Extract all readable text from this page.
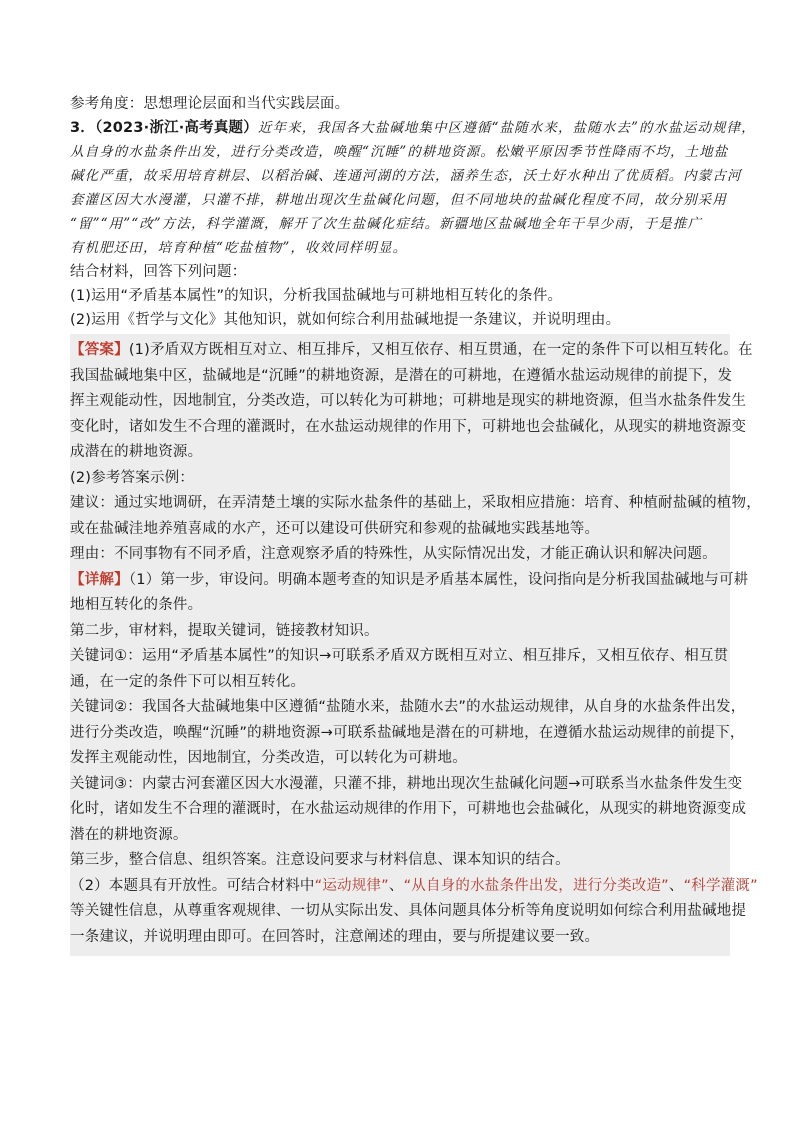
参考角度：思想理论层面和当代实践层面。
3．（2023·浙江·高考真题）近年来，我国各大盐碱地集中区遵循“盐随水来，盐随水去”的水盐运动规律，
从自身的水盐条件出发，进行分类改造，唤醒“沉睡”的耕地资源。松嫩平原因季节性降雨不均，土地盐
碱化严重，故采用培育耕层、以稻治碱、连通河湖的方法，涵养生态，沃土好水种出了优质稻。内蒙古河
套灌区因大水漫灌，只灌不排，耕地出现次生盐碱化问题，但不同地块的盐碱化程度不同，故分别采用
“留”“用”“改”方法，科学灌溉，解开了次生盐碱化症结。新疆地区盐碱地全年干旱少雨，于是推广
有机肥还田，培育种植“吃盐植物”，收效同样明显。
结合材料，回答下列问题：
(1)运用“矛盾基本属性”的知识，分析我国盐碱地与可耕地相互转化的条件。
(2)运用《哲学与文化》其他知识，就如何综合利用盐碱地提一条建议，并说明理由。
【答案】(1)矛盾双方既相互对立、相互排斥，又相互依存、相互贯通，在一定的条件下可以相互转化。在
我国盐碱地集中区，盐碱地是“沉睡”的耕地资源，是潜在的可耕地，在遵循水盐运动规律的前提下，发
挥主观能动性，因地制宜，分类改造，可以转化为可耕地；可耕地是现实的耕地资源，但当水盐条件发生
变化时，诸如发生不合理的灌溉时，在水盐运动规律的作用下，可耕地也会盐碱化，从现实的耕地资源变
成潜在的耕地资源。
(2)参考答案示例：
建议：通过实地调研，在弄清楚土壤的实际水盐条件的基础上，采取相应措施：培育、种植耐盐碱的植物，
或在盐碱洼地养殖喜咸的水产，还可以建设可供研究和参观的盐碱地实践基地等。
理由：不同事物有不同矛盾，注意观察矛盾的特殊性，从实际情况出发，才能正确认识和解决问题。
【详解】（1）第一步，审设问。明确本题考查的知识是矛盾基本属性，设问指向是分析我国盐碱地与可耕
地相互转化的条件。
第二步，审材料，提取关键词，链接教材知识。
关键词①：运用“矛盾基本属性”的知识→可联系矛盾双方既相互对立、相互排斥，又相互依存、相互贯
通，在一定的条件下可以相互转化。
关键词②：我国各大盐碱地集中区遵循“盐随水来，盐随水去”的水盐运动规律，从自身的水盐条件出发，
进行分类改造，唤醒“沉睡”的耕地资源→可联系盐碱地是潜在的可耕地，在遵循水盐运动规律的前提下，
发挥主观能动性，因地制宜，分类改造，可以转化为可耕地。
关键词③：内蒙古河套灌区因大水漫灌，只灌不排，耕地出现次生盐碱化问题→可联系当水盐条件发生变
化时，诸如发生不合理的灌溉时，在水盐运动规律的作用下，可耕地也会盐碱化，从现实的耕地资源变成
潜在的耕地资源。
第三步，整合信息、组织答案。注意设问要求与材料信息、课本知识的结合。
（2）本题具有开放性。可结合材料中“运动规律”、“从自身的水盐条件出发，进行分类改造”、“科学灌溉”
等关键性信息，从尊重客观规律、一切从实际出发、具体问题具体分析等角度说明如何综合利用盐碱地提
一条建议，并说明理由即可。在回答时，注意阐述的理由，要与所提建议要一致。
